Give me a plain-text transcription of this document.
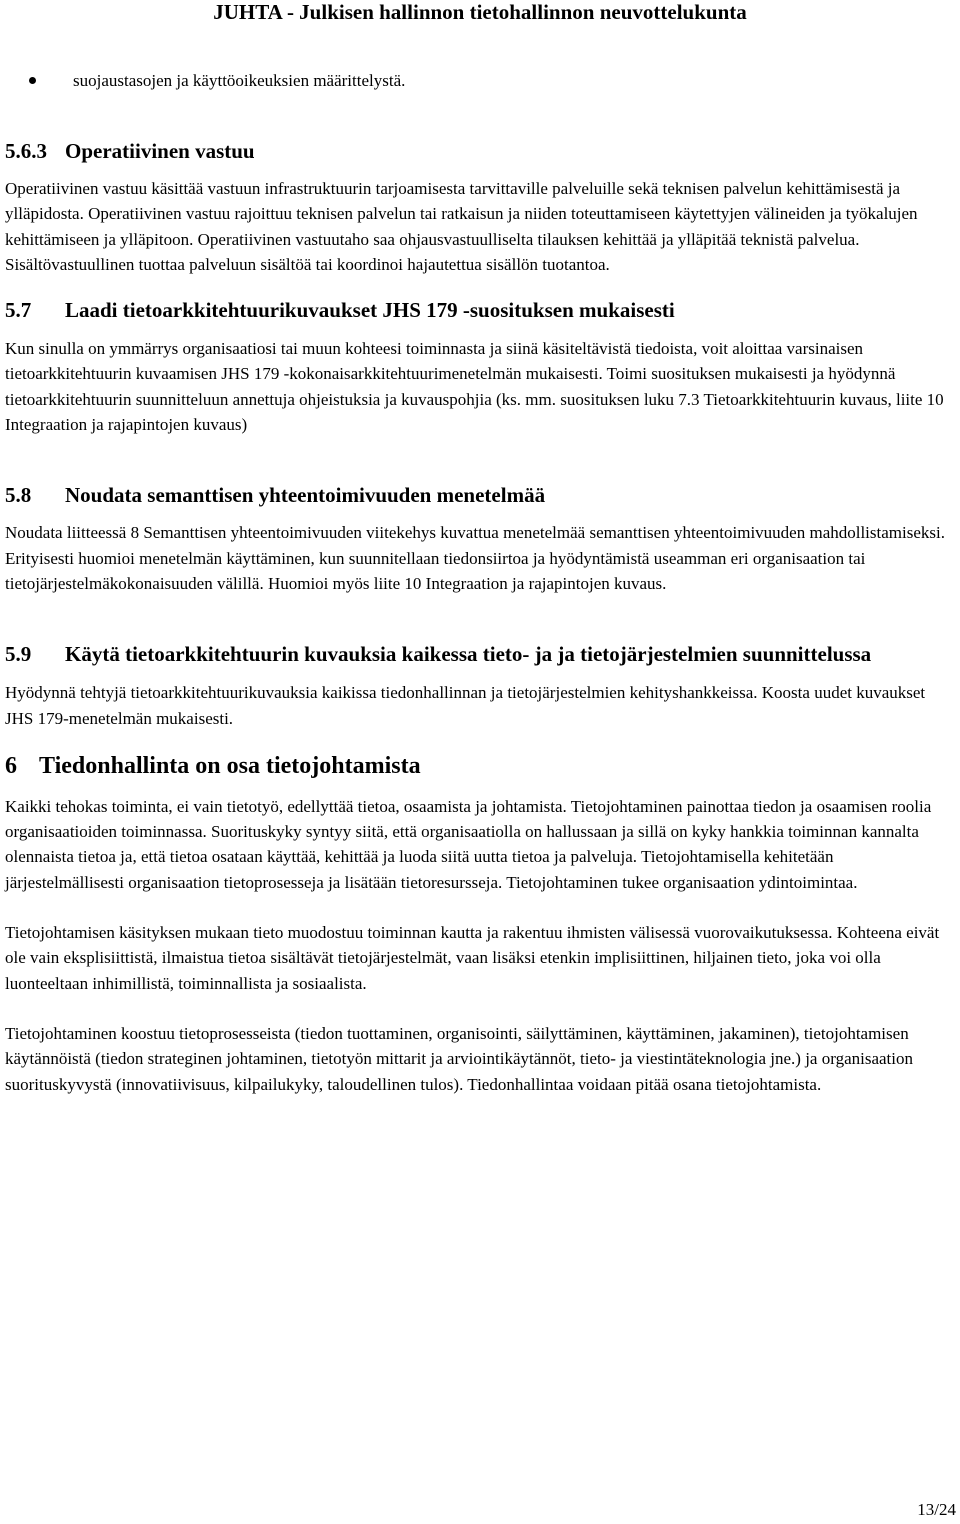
JUHTA - Julkisen hallinnon tietohallinnon neuvottelukunta
suojaustasojen ja käyttöoikeuksien määrittelystä.
5.6.3 Operatiivinen vastuu

Operatiivinen vastuu käsittää vastuun infrastruktuurin tarjoamisesta tarvittaville palveluille sekä teknisen palvelun kehittämisestä ja ylläpidosta. Operatiivinen vastuu rajoittuu teknisen palvelun tai ratkaisun ja niiden toteuttamiseen käytettyjen välineiden ja työkalujen kehittämiseen ja ylläpitoon. Operatiivinen vastuutaho saa ohjausvastuulliselta tilauksen kehittää ja ylläpitää teknistä palvelua. Sisältövastuullinen tuottaa palveluun sisältöä tai koordinoi hajautettua sisällön tuotantoa.

5.7	Laadi tietoarkkitehtuurikuvaukset JHS 179 -suosituksen mukaisesti

Kun sinulla on ymmärrys organisaatiosi tai muun kohteesi toiminnasta ja siinä käsiteltävistä tiedoista, voit aloittaa varsinaisen tietoarkkitehtuurin kuvaamisen JHS 179 -kokonaisarkkitehtuurimenetelmän mukaisesti. Toimi suosituksen mukaisesti ja hyödynnä tietoarkkitehtuurin suunnitteluun annettuja ohjeistuksia ja kuvauspohjia (ks. mm. suosituksen luku 7.3 Tietoarkkitehtuurin kuvaus, liite 10 Integraation ja rajapintojen kuvaus)

5.8	Noudata semanttisen yhteentoimivuuden menetelmää

Noudata liitteessä 8 Semanttisen yhteentoimivuuden viitekehys kuvattua menetelmää semanttisen yhteentoimivuuden mahdollistamiseksi. Erityisesti huomioi menetelmän käyttäminen, kun suunnitellaan tiedonsiirtoa ja hyödyntämistä useamman eri organisaation tai tietojärjestelmäkokonaisuuden välillä. Huomioi myös liite 10 Integraation ja rajapintojen kuvaus.

5.9	Käytä tietoarkkitehtuurin kuvauksia kaikessa tieto- ja ja tietojärjestelmien suunnittelussa

Hyödynnä tehtyjä tietoarkkitehtuurikuvauksia kaikissa tiedonhallinnan ja tietojärjestelmien kehityshankkeissa. Koosta uudet kuvaukset JHS 179-menetelmän mukaisesti.

6 Tiedonhallinta on osa tietojohtamista

Kaikki tehokas toiminta, ei vain tietotyö, edellyttää tietoa, osaamista ja johtamista. Tietojohtaminen painottaa tiedon ja osaamisen roolia organisaatioiden toiminnassa. Suorituskyky syntyy siitä, että organisaatiolla on hallussaan ja sillä on kyky hankkia toiminnan kannalta olennaista tietoa ja, että tietoa osataan käyttää, kehittää ja luoda siitä uutta tietoa ja palveluja. Tietojohtamisella kehitetään järjestelmällisesti organisaation tietoprosesseja ja lisätään tietoresursseja. Tietojohtaminen tukee organisaation ydintoimintaa.

Tietojohtamisen käsityksen mukaan tieto muodostuu toiminnan kautta ja rakentuu ihmisten välisessä vuorovaikutuksessa. Kohteena eivät ole vain eksplisiittistä, ilmaistua tietoa sisältävät tietojärjestelmät, vaan lisäksi etenkin implisiittinen, hiljainen tieto, joka voi olla luonteeltaan inhimillistä, toiminnallista ja sosiaalista.

Tietojohtaminen koostuu tietoprosesseista (tiedon tuottaminen, organisointi, säilyttäminen, käyttäminen, jakaminen), tietojohtamisen käytännöistä (tiedon strateginen johtaminen, tietotyön mittarit ja arviointikäytännöt, tieto- ja viestintäteknologia jne.) ja organisaation suorituskyvystä (innovatiivisuus, kilpailukyky, taloudellinen tulos). Tiedonhallintaa voidaan pitää osana tietojohtamista.

13/24
